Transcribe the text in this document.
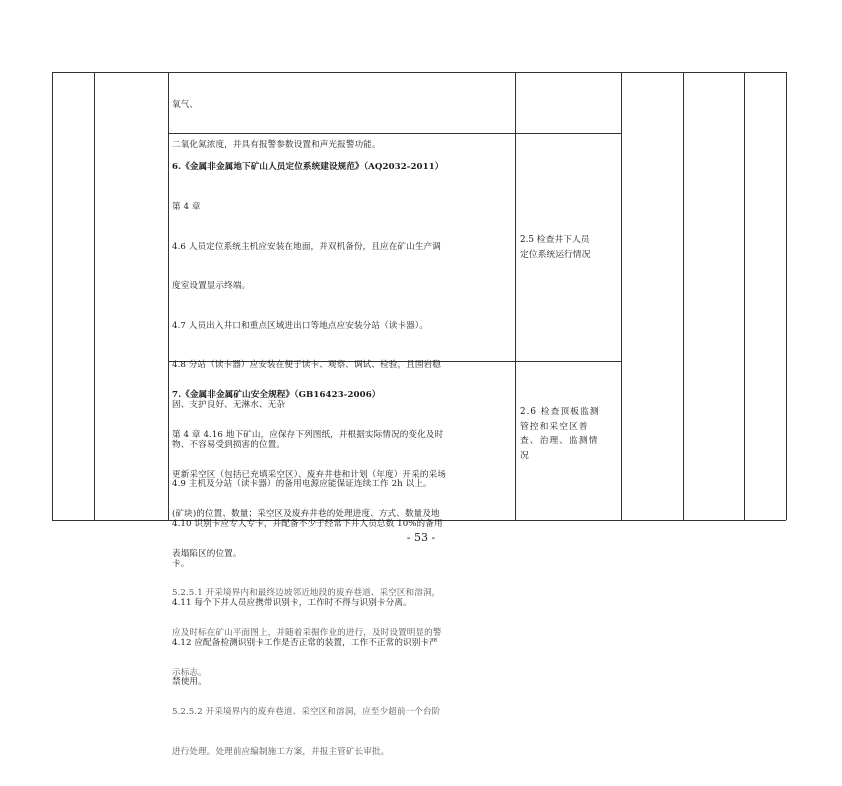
氧气、

二氧化氮浓度，并具有报警参数设置和声光报警功能。

6.《金属非金属地下矿山人员定位系统建设规范》（AQ2032-2011）

第 4 章

4.6 人员定位系统主机应安装在地面，并双机备份，且应在矿山生产调

度室设置显示终端。

4.7 人员出入井口和重点区域进出口等地点应安装分站（读卡器）。

4.8 分站（读卡器）应安装在便于读卡、观察、调试、检验，且围岩稳

固、支护良好、无淋水、无杂

物、不容易受到损害的位置。

4.9 主机及分站（读卡器）的备用电源应能保证连续工作 2h 以上。

4.10 识别卡应专人专卡，并配备不少于经常下井人员总数 10%的备用

卡。

4.11 每个下井人员应携带识别卡，工作时不得与识别卡分离。

4.12 应配备检测识别卡工作是否正常的装置，工作不正常的识别卡严

禁使用。

2.5 检查井下人员
定位系统运行情况

7.《金属非金属矿山安全规程》（GB16423-2006）

第 4 章 4.16 地下矿山，应保存下列图纸，并根据实际情况的变化及时

更新采空区（包括已充填采空区）、废弃井巷和计划（年度）开采的采场

(矿块)的位置、数量；采空区及废弃井巷的处理进度、方式、数量及地

表塌陷区的位置。

5.2.5.1 开采境界内和最终边坡邻近地段的废弃巷道、采空区和溶洞，

应及时标在矿山平面图上，并随着采掘作业的进行，及时设置明显的警

示标志。

5.2.5.2 开采境界内的废弃巷道、采空区和溶洞，应至少超前一个台阶

进行处理。处理前应编制施工方案，并报主管矿长审批。

2.6 检查顶板监测
管控和采空区普
查、治理、监测情
况
- 53 -
